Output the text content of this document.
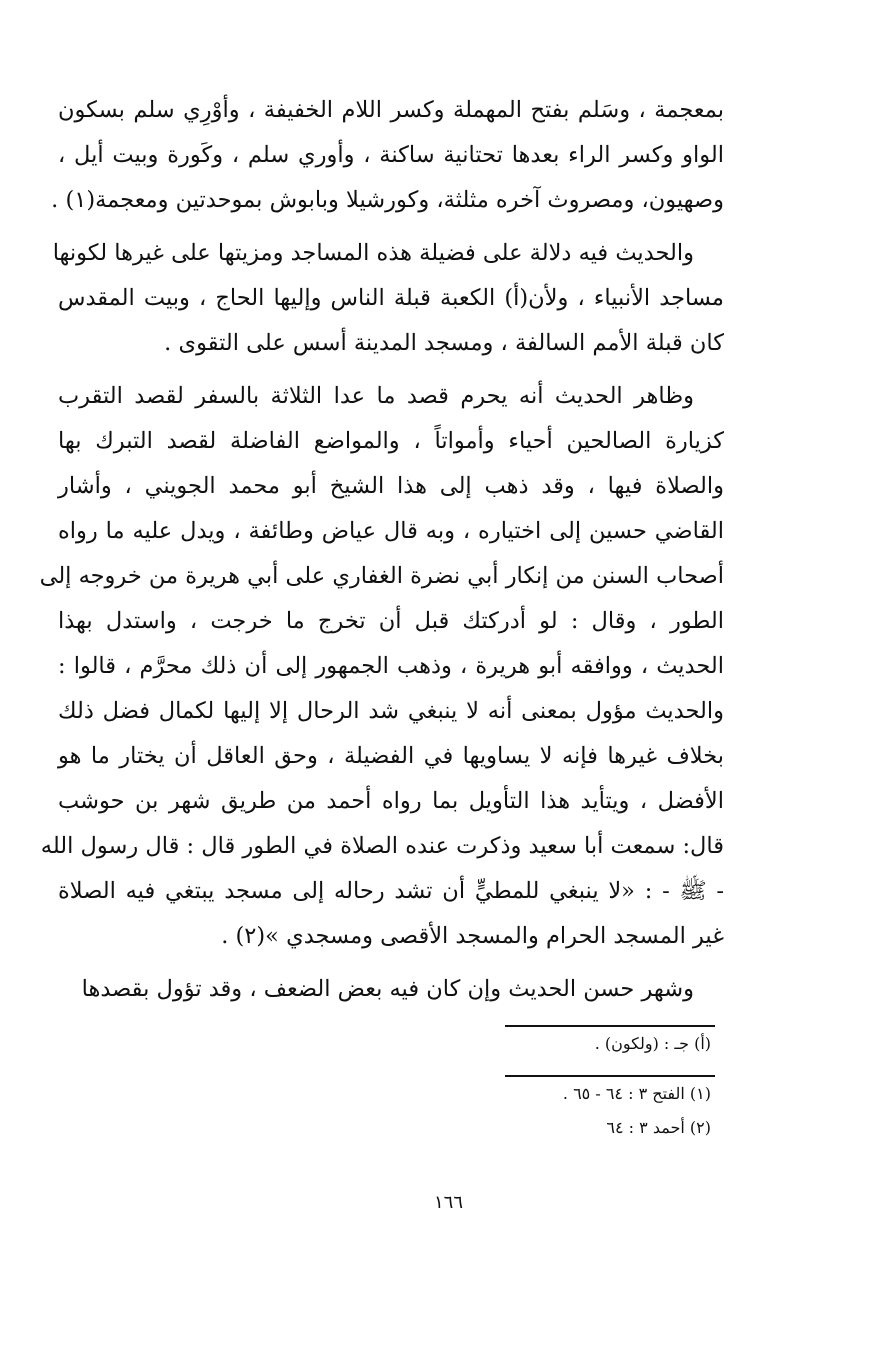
بمعجمة ، وسَلم بفتح المهملة وكسر اللام الخفيفة ، وأوْرِي سلم بسكون
الواو وكسر الراء بعدها تحتانية ساكنة ، وأوري سلم ، وكَورة وبيت أيل ،
وصهيون، ومصروث آخره مثلثة، وكورشيلا وبابوش بموحدتين ومعجمة(١) .

والحديث فيه دلالة على فضيلة هذه المساجد ومزيتها على غيرها لكونها
مساجد الأنبياء ، ولأن(أ) الكعبة قبلة الناس وإليها الحاج ، وبيت المقدس
كان قبلة الأمم السالفة ، ومسجد المدينة أسس على التقوى .

وظاهر الحديث أنه يحرم قصد ما عدا الثلاثة بالسفر لقصد التقرب
كزيارة الصالحين أحياء وأمواتاً ، والمواضع الفاضلة لقصد التبرك بها
والصلاة فيها ، وقد ذهب إلى هذا الشيخ أبو محمد الجويني ، وأشار
القاضي حسين إلى اختياره ، وبه قال عياض وطائفة ، ويدل عليه ما رواه
أصحاب السنن من إنكار أبي نضرة الغفاري على أبي هريرة من خروجه إلى
الطور ، وقال : لو أدركتك قبل أن تخرج ما خرجت ، واستدل بهذا
الحديث ، ووافقه أبو هريرة ، وذهب الجمهور إلى أن ذلك محرَّم ، قالوا :
والحديث مؤول بمعنى أنه لا ينبغي شد الرحال إلا إليها لكمال فضل ذلك
بخلاف غيرها فإنه لا يساويها في الفضيلة ، وحق العاقل أن يختار ما هو
الأفضل ، ويتأيد هذا التأويل بما رواه أحمد من طريق شهر بن حوشب
قال: سمعت أبا سعيد وذكرت عنده الصلاة في الطور قال : قال رسول الله
- ﷺ - : «لا ينبغي للمطيٍّ أن تشد رحاله إلى مسجد يبتغي فيه الصلاة
غير المسجد الحرام والمسجد الأقصى ومسجدي »(٢) .

وشهر حسن الحديث وإن كان فيه بعض الضعف ، وقد تؤول بقصدها

(أ) جـ : (ولكون) .
(١) الفتح ٣ : ٦٤ - ٦٥ .
(٢) أحمد ٣ : ٦٤
١٦٦
